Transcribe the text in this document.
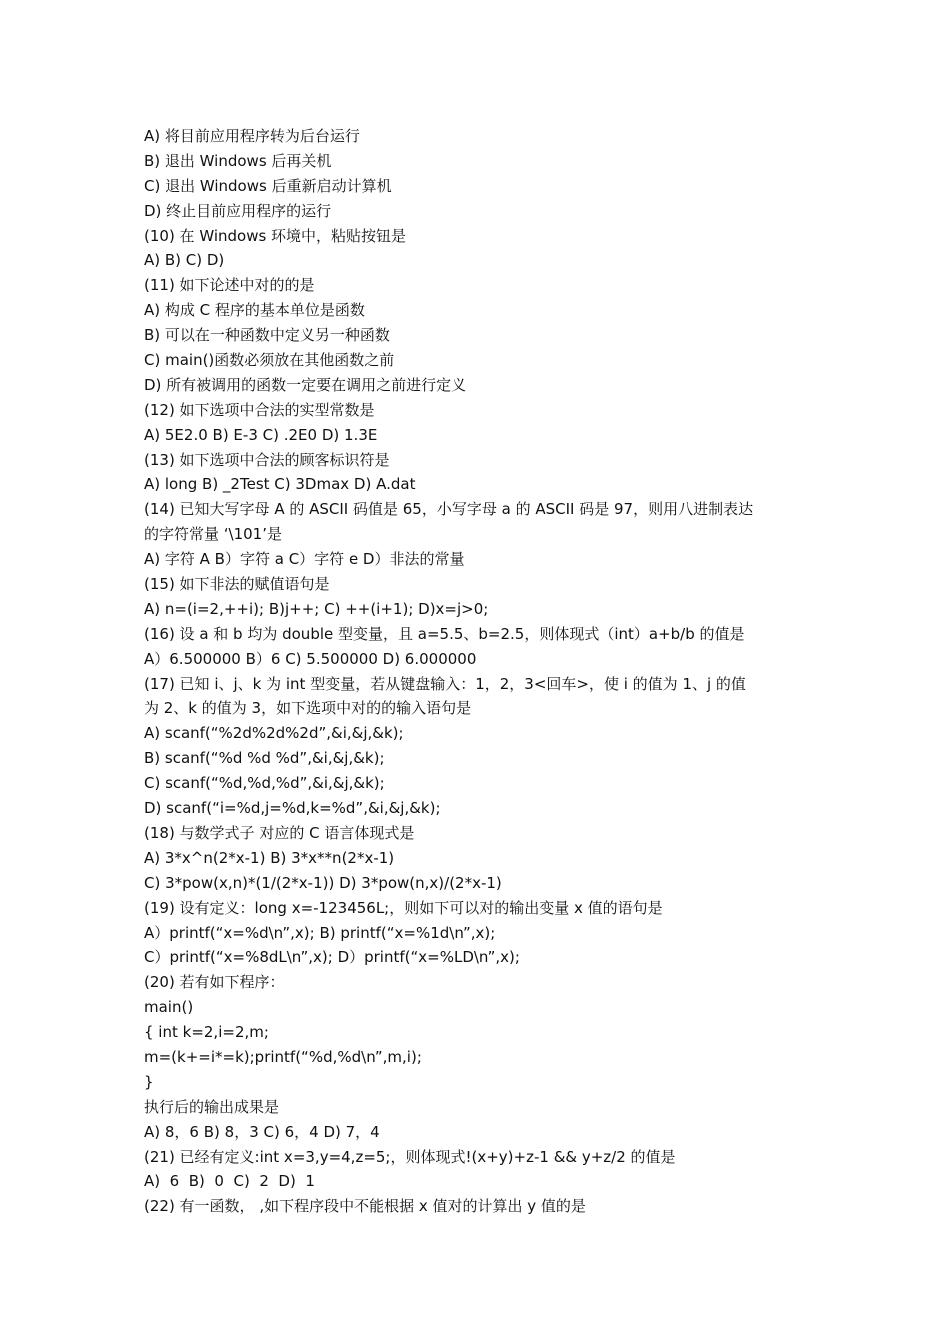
A) 将目前应用程序转为后台运行
B) 退出 Windows 后再关机
C) 退出 Windows 后重新启动计算机
D) 终止目前应用程序的运行
(10) 在 Windows 环境中，粘贴按钮是
A) B) C) D)
(11) 如下论述中对的的是
A) 构成 C 程序的基本单位是函数
B) 可以在一种函数中定义另一种函数
C) main()函数必须放在其他函数之前
D) 所有被调用的函数一定要在调用之前进行定义
(12) 如下选项中合法的实型常数是
A) 5E2.0 B) E-3 C) .2E0 D) 1.3E
(13) 如下选项中合法的顾客标识符是
A) long B) _2Test C) 3Dmax D) A.dat
(14) 已知大写字母 A 的 ASCII 码值是 65，小写字母 a 的 ASCII 码是 97，则用八进制表达
的字符常量 ‘\101’是
A) 字符 A B）字符 a C）字符 e D）非法的常量
(15) 如下非法的赋值语句是
A) n=(i=2,++i); B)j++; C) ++(i+1); D)x=j>0;
(16) 设 a 和 b 均为 double 型变量，且 a=5.5、b=2.5，则体现式（int）a+b/b 的值是
A）6.500000 B）6 C) 5.500000 D) 6.000000
(17) 已知 i、j、k 为 int 型变量，若从键盘输入：1，2，3<回车>，使 i 的值为 1、j 的值
为 2、k 的值为 3，如下选项中对的的输入语句是
A) scanf(“%2d%2d%2d”,&i,&j,&k);
B) scanf(“%d %d %d”,&i,&j,&k);
C) scanf(“%d,%d,%d”,&i,&j,&k);
D) scanf(“i=%d,j=%d,k=%d”,&i,&j,&k);
(18) 与数学式子 对应的 C 语言体现式是
A) 3*x^n(2*x-1) B) 3*x**n(2*x-1)
C) 3*pow(x,n)*(1/(2*x-1)) D) 3*pow(n,x)/(2*x-1)
(19) 设有定义：long x=-123456L;，则如下可以对的输出变量 x 值的语句是
A）printf(“x=%d\n”,x); B) printf(“x=%1d\n”,x);
C）printf(“x=%8dL\n”,x); D）printf(“x=%LD\n”,x);
(20) 若有如下程序：
main()
{ int k=2,i=2,m;
m=(k+=i*=k);printf(“%d,%d\n”,m,i);
}
执行后的输出成果是
A) 8，6 B) 8，3 C) 6，4 D) 7，4
(21) 已经有定义:int x=3,y=4,z=5;，则体现式!(x+y)+z-1 && y+z/2 的值是
A)  6  B)  0  C)  2  D)  1
(22) 有一函数， ,如下程序段中不能根据 x 值对的计算出 y 值的是
